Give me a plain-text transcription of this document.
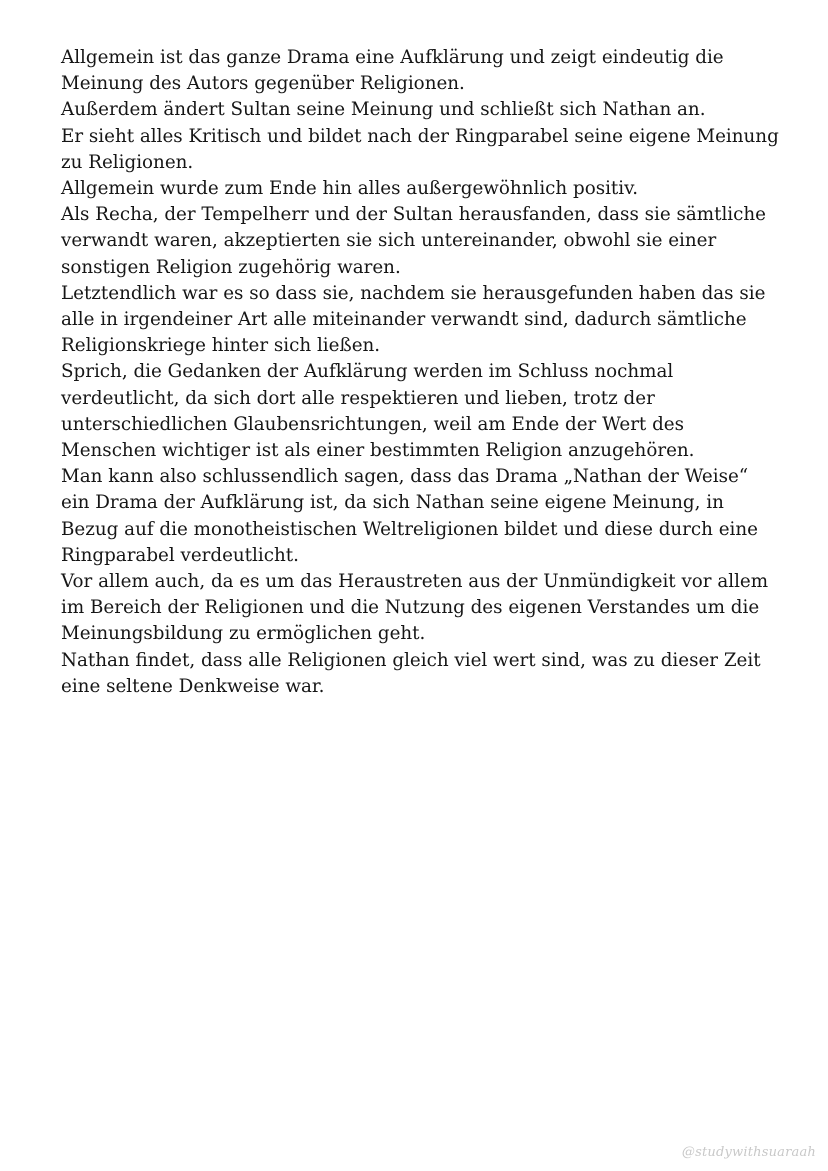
Allgemein ist das ganze Drama eine Aufklärung und zeigt eindeutig die
Meinung des Autors gegenüber Religionen.
Außerdem ändert Sultan seine Meinung und schließt sich Nathan an.
Er sieht alles Kritisch und bildet nach der Ringparabel seine eigene Meinung
zu Religionen.
Allgemein wurde zum Ende hin alles außergewöhnlich positiv.
Als Recha, der Tempelherr und der Sultan herausfanden, dass sie sämtliche
verwandt waren, akzeptierten sie sich untereinander, obwohl sie einer
sonstigen Religion zugehörig waren.
Letztendlich war es so dass sie, nachdem sie herausgefunden haben das sie
alle in irgendeiner Art alle miteinander verwandt sind, dadurch sämtliche
Religionskriege hinter sich ließen.
Sprich, die Gedanken der Aufklärung werden im Schluss nochmal
verdeutlicht, da sich dort alle respektieren und lieben, trotz der
unterschiedlichen Glaubensrichtungen, weil am Ende der Wert des
Menschen wichtiger ist als einer bestimmten Religion anzugehören.
Man kann also schlussendlich sagen, dass das Drama „Nathan der Weise“
ein Drama der Aufklärung ist, da sich Nathan seine eigene Meinung, in
Bezug auf die monotheistischen Weltreligionen bildet und diese durch eine
Ringparabel verdeutlicht.
Vor allem auch, da es um das Heraustreten aus der Unmündigkeit vor allem
im Bereich der Religionen und die Nutzung des eigenen Verstandes um die
Meinungsbildung zu ermöglichen geht.
Nathan findet, dass alle Religionen gleich viel wert sind, was zu dieser Zeit
eine seltene Denkweise war.
@studywithsuaraah
